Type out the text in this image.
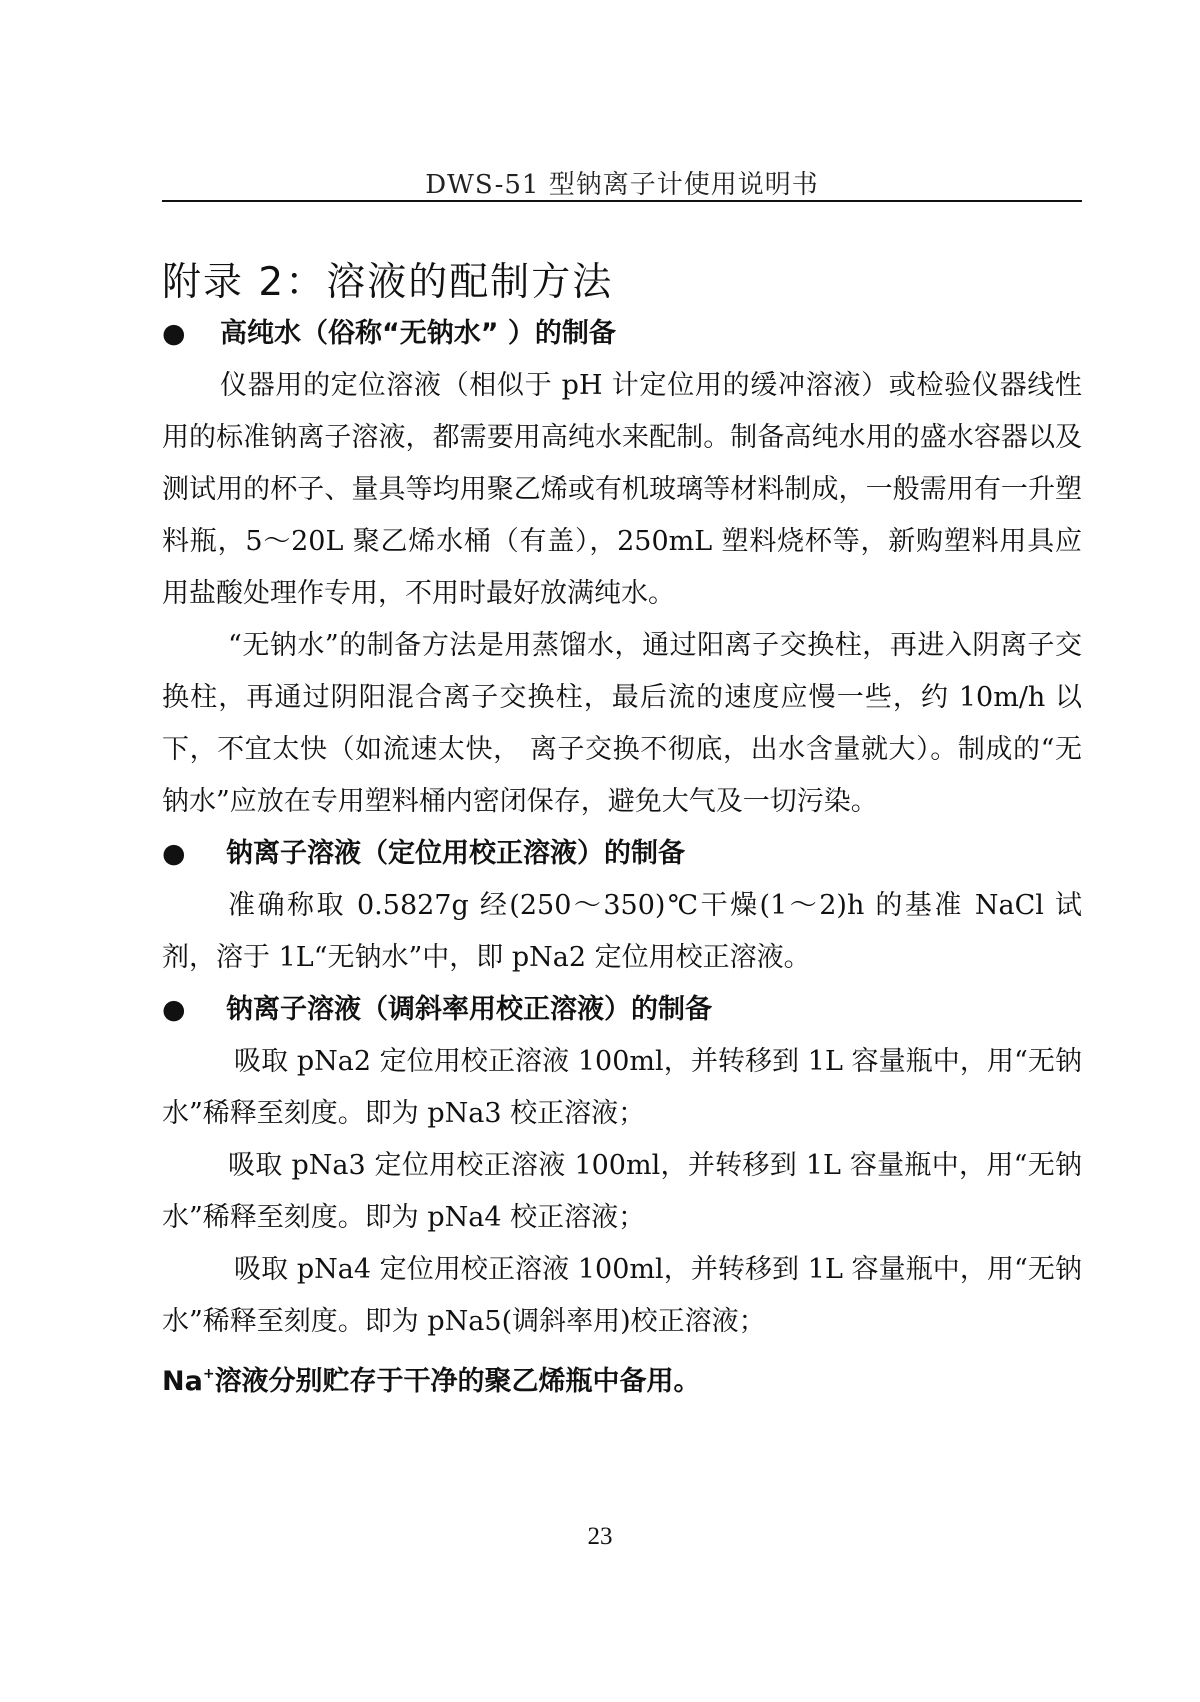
DWS-51 型钠离子计使用说明书
附录 2：溶液的配制方法
● 高纯水（俗称“无钠水” ）的制备

仪器用的定位溶液（相似于 pH 计定位用的缓冲溶液）或检验仪器线性用的标准钠离子溶液，都需要用高纯水来配制。制备高纯水用的盛水容器以及测试用的杯子、量具等均用聚乙烯或有机玻璃等材料制成，一般需用有一升塑料瓶，5～20L 聚乙烯水桶（有盖），250mL 塑料烧杯等，新购塑料用具应用盐酸处理作专用，不用时最好放满纯水。

“无钠水”的制备方法是用蒸馏水，通过阳离子交换柱，再进入阴离子交换柱，再通过阴阳混合离子交换柱，最后流的速度应慢一些，约 10m/h 以下，不宜太快（如流速太快， 离子交换不彻底，出水含量就大）。制成的“无钠水”应放在专用塑料桶内密闭保存，避免大气及一切污染。

● 钠离子溶液（定位用校正溶液）的制备

准确称取 0.5827g 经(250～350)℃干燥(1～2)h 的基准 NaCl 试剂，溶于 1L“无钠水”中，即 pNa2 定位用校正溶液。

● 钠离子溶液（调斜率用校正溶液）的制备

吸取 pNa2 定位用校正溶液 100ml，并转移到 1L 容量瓶中，用“无钠水”稀释至刻度。即为 pNa3 校正溶液；

吸取 pNa3 定位用校正溶液 100ml，并转移到 1L 容量瓶中，用“无钠水”稀释至刻度。即为 pNa4 校正溶液；

吸取 pNa4 定位用校正溶液 100ml，并转移到 1L 容量瓶中，用“无钠水”稀释至刻度。即为 pNa5(调斜率用)校正溶液；

Na+溶液分别贮存于干净的聚乙烯瓶中备用。
23
